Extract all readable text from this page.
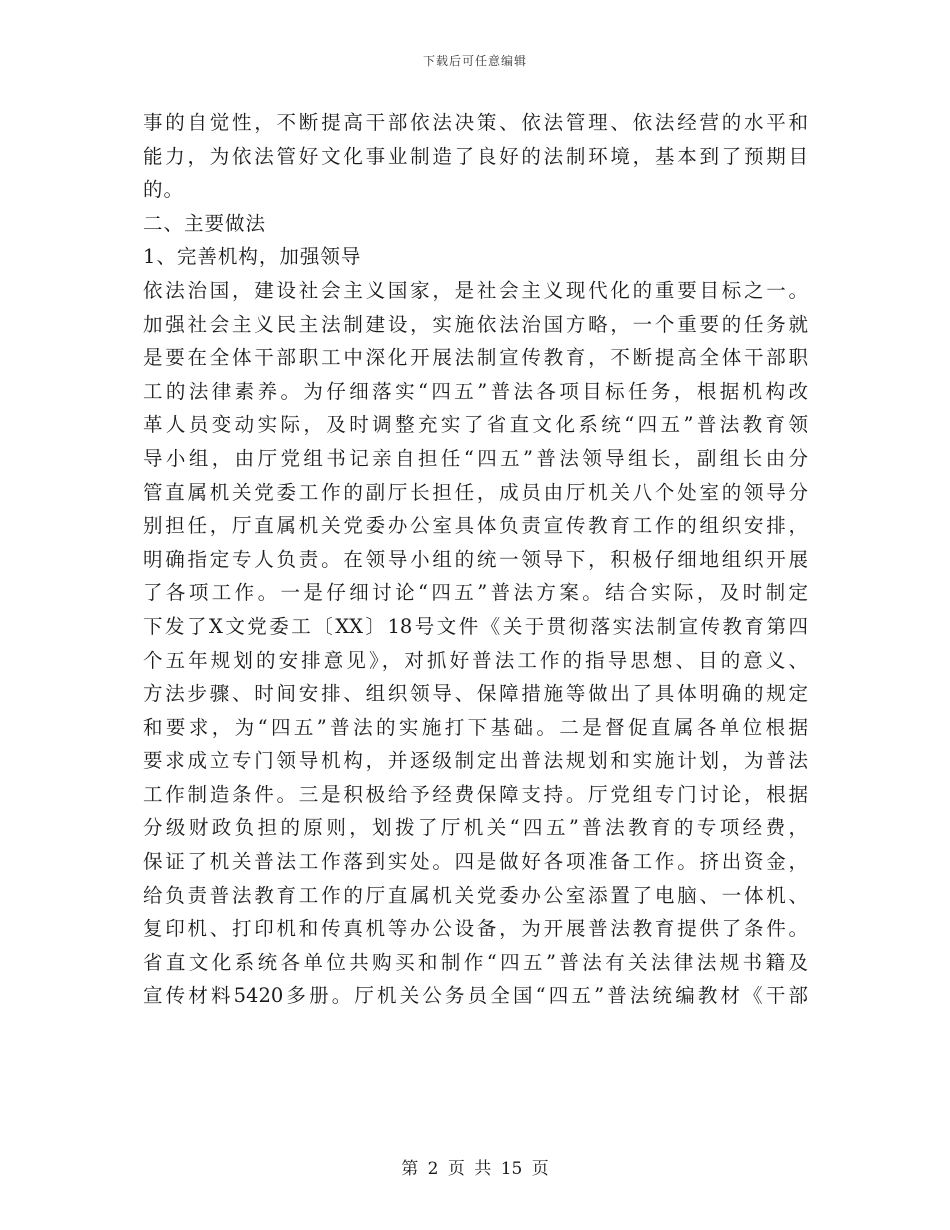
下载后可任意编辑
事的自觉性，不断提高干部依法决策、依法管理、依法经营的水平和
能力，为依法管好文化事业制造了良好的法制环境，基本到了预期目
的。
二、主要做法
1、完善机构，加强领导
依法治国，建设社会主义国家，是社会主义现代化的重要目标之一。
加强社会主义民主法制建设，实施依法治国方略，一个重要的任务就
是要在全体干部职工中深化开展法制宣传教育，不断提高全体干部职
工的法律素养。为仔细落实“四五”普法各项目标任务，根据机构改
革人员变动实际，及时调整充实了省直文化系统“四五”普法教育领
导小组，由厅党组书记亲自担任“四五”普法领导组长，副组长由分
管直属机关党委工作的副厅长担任，成员由厅机关八个处室的领导分
别担任，厅直属机关党委办公室具体负责宣传教育工作的组织安排，
明确指定专人负责。在领导小组的统一领导下，积极仔细地组织开展
了各项工作。一是仔细讨论“四五”普法方案。结合实际，及时制定
下发了X文党委工〔XX〕18号文件《关于贯彻落实法制宣传教育第四
个五年规划的安排意见》，对抓好普法工作的指导思想、目的意义、
方法步骤、时间安排、组织领导、保障措施等做出了具体明确的规定
和要求，为“四五”普法的实施打下基础。二是督促直属各单位根据
要求成立专门领导机构，并逐级制定出普法规划和实施计划，为普法
工作制造条件。三是积极给予经费保障支持。厅党组专门讨论，根据
分级财政负担的原则，划拨了厅机关“四五”普法教育的专项经费，
保证了机关普法工作落到实处。四是做好各项准备工作。挤出资金，
给负责普法教育工作的厅直属机关党委办公室添置了电脑、一体机、
复印机、打印机和传真机等办公设备，为开展普法教育提供了条件。
省直文化系统各单位共购买和制作“四五”普法有关法律法规书籍及
宣传材料5420多册。厅机关公务员全国“四五”普法统编教材《干部
第 2 页 共 15 页
